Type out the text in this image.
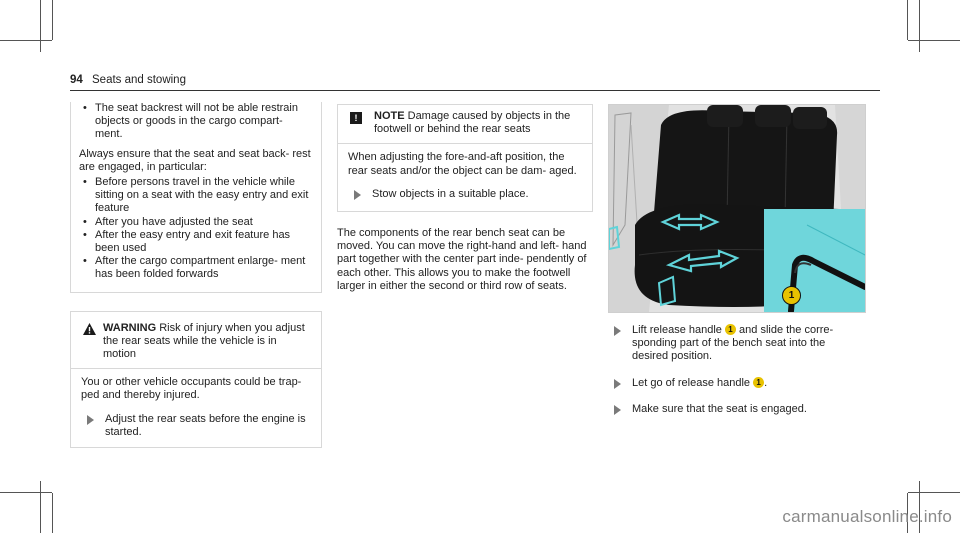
94 Seats and stowing
• The seat backrest will not be able restrain objects or goods in the cargo compart- ment.

Always ensure that the seat and seat back- rest are engaged, in particular:

• Before persons travel in the vehicle while sitting on a seat with the easy entry and exit feature
• After you have adjusted the seat
• After the easy entry and exit feature has been used
• After the cargo compartment enlarge- ment has been folded forwards
WARNING Risk of injury when you adjust the rear seats while the vehicle is in motion

You or other vehicle occupants could be trap- ped and thereby injured.

Adjust the rear seats before the engine is started.
!	NOTE Damage caused by objects in the footwell or behind the rear seats

When adjusting the fore-and-aft position, the rear seats and/or the object can be dam- aged.

Stow objects in a suitable place.

The components of the rear bench seat can be moved. You can move the right-hand and left- hand part together with the center part inde- pendently of each other. This allows you to make the footwell larger in either the second or third row of seats.

1
Lift release handle 1 and slide the corre- sponding part of the bench seat into the desired position.
Let go of release handle 1 .
Make sure that the seat is engaged.
carmanualsonline.info
